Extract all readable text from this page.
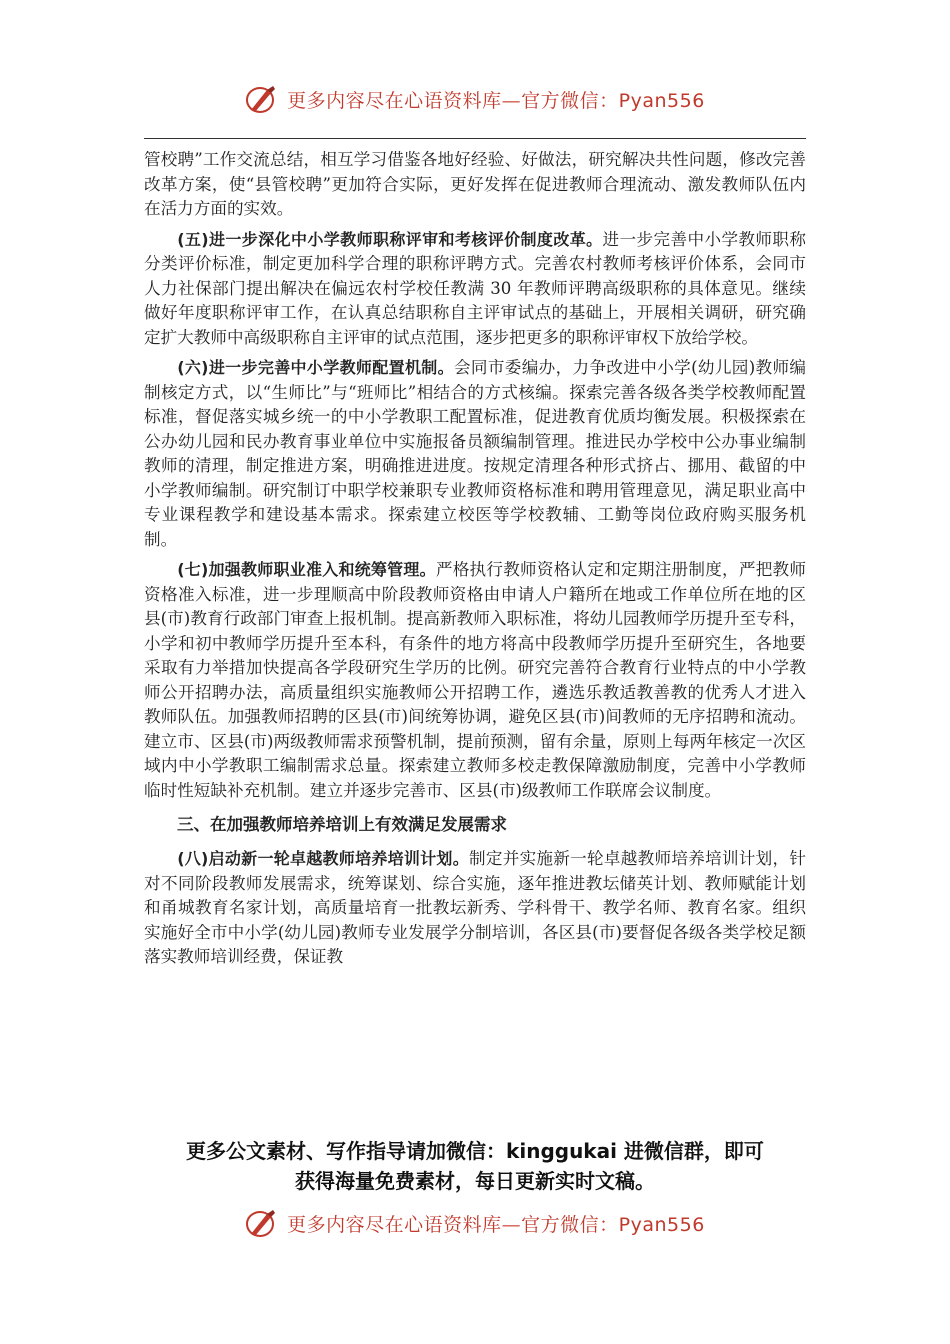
更多内容尽在心语资料库—官方微信：Pyan556

管校聘”工作交流总结，相互学习借鉴各地好经验、好做法，研究解决共性问题，修改完善改革方案，使“县管校聘”更加符合实际，更好发挥在促进教师合理流动、激发教师队伍内在活力方面的实效。

(五)进一步深化中小学教师职称评审和考核评价制度改革。进一步完善中小学教师职称分类评价标准，制定更加科学合理的职称评聘方式。完善农村教师考核评价体系，会同市人力社保部门提出解决在偏远农村学校任教满 30 年教师评聘高级职称的具体意见。继续做好年度职称评审工作，在认真总结职称自主评审试点的基础上，开展相关调研，研究确定扩大教师中高级职称自主评审的试点范围，逐步把更多的职称评审权下放给学校。

(六)进一步完善中小学教师配置机制。会同市委编办，力争改进中小学(幼儿园)教师编制核定方式，以“生师比”与“班师比”相结合的方式核编。探索完善各级各类学校教师配置标准，督促落实城乡统一的中小学教职工配置标准，促进教育优质均衡发展。积极探索在公办幼儿园和民办教育事业单位中实施报备员额编制管理。推进民办学校中公办事业编制教师的清理，制定推进方案，明确推进进度。按规定清理各种形式挤占、挪用、截留的中小学教师编制。研究制订中职学校兼职专业教师资格标准和聘用管理意见，满足职业高中专业课程教学和建设基本需求。探索建立校医等学校教辅、工勤等岗位政府购买服务机制。

(七)加强教师职业准入和统筹管理。严格执行教师资格认定和定期注册制度，严把教师资格准入标准，进一步理顺高中阶段教师资格由申请人户籍所在地或工作单位所在地的区县(市)教育行政部门审查上报机制。提高新教师入职标准，将幼儿园教师学历提升至专科，小学和初中教师学历提升至本科，有条件的地方将高中段教师学历提升至研究生，各地要采取有力举措加快提高各学段研究生学历的比例。研究完善符合教育行业特点的中小学教师公开招聘办法，高质量组织实施教师公开招聘工作，遴选乐教适教善教的优秀人才进入教师队伍。加强教师招聘的区县(市)间统筹协调，避免区县(市)间教师的无序招聘和流动。建立市、区县(市)两级教师需求预警机制，提前预测，留有余量，原则上每两年核定一次区域内中小学教职工编制需求总量。探索建立教师多校走教保障激励制度，完善中小学教师临时性短缺补充机制。建立并逐步完善市、区县(市)级教师工作联席会议制度。

三、在加强教师培养培训上有效满足发展需求

(八)启动新一轮卓越教师培养培训计划。制定并实施新一轮卓越教师培养培训计划，针对不同阶段教师发展需求，统筹谋划、综合实施，逐年推进教坛储英计划、教师赋能计划和甬城教育名家计划，高质量培育一批教坛新秀、学科骨干、教学名师、教育名家。组织实施好全市中小学(幼儿园)教师专业发展学分制培训，各区县(市)要督促各级各类学校足额落实教师培训经费，保证教

更多公文素材、写作指导请加微信：kinggukai 进微信群，即可
获得海量免费素材，每日更新实时文稿。
更多内容尽在心语资料库—官方微信：Pyan556
